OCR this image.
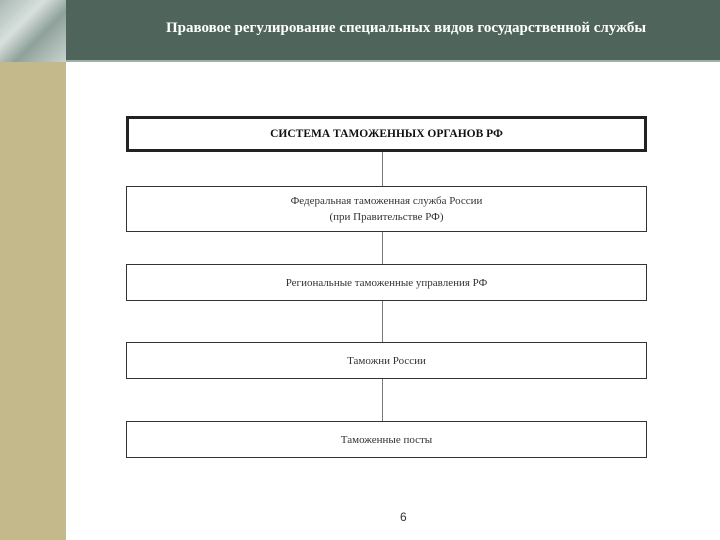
Правовое регулирование специальных видов государственной службы
СИСТЕМА ТАМОЖЕННЫХ ОРГАНОВ РФ
Федеральная таможенная служба России
(при Правительстве РФ)
Региональные таможенные управления РФ
Таможни России
Таможенные посты
6
